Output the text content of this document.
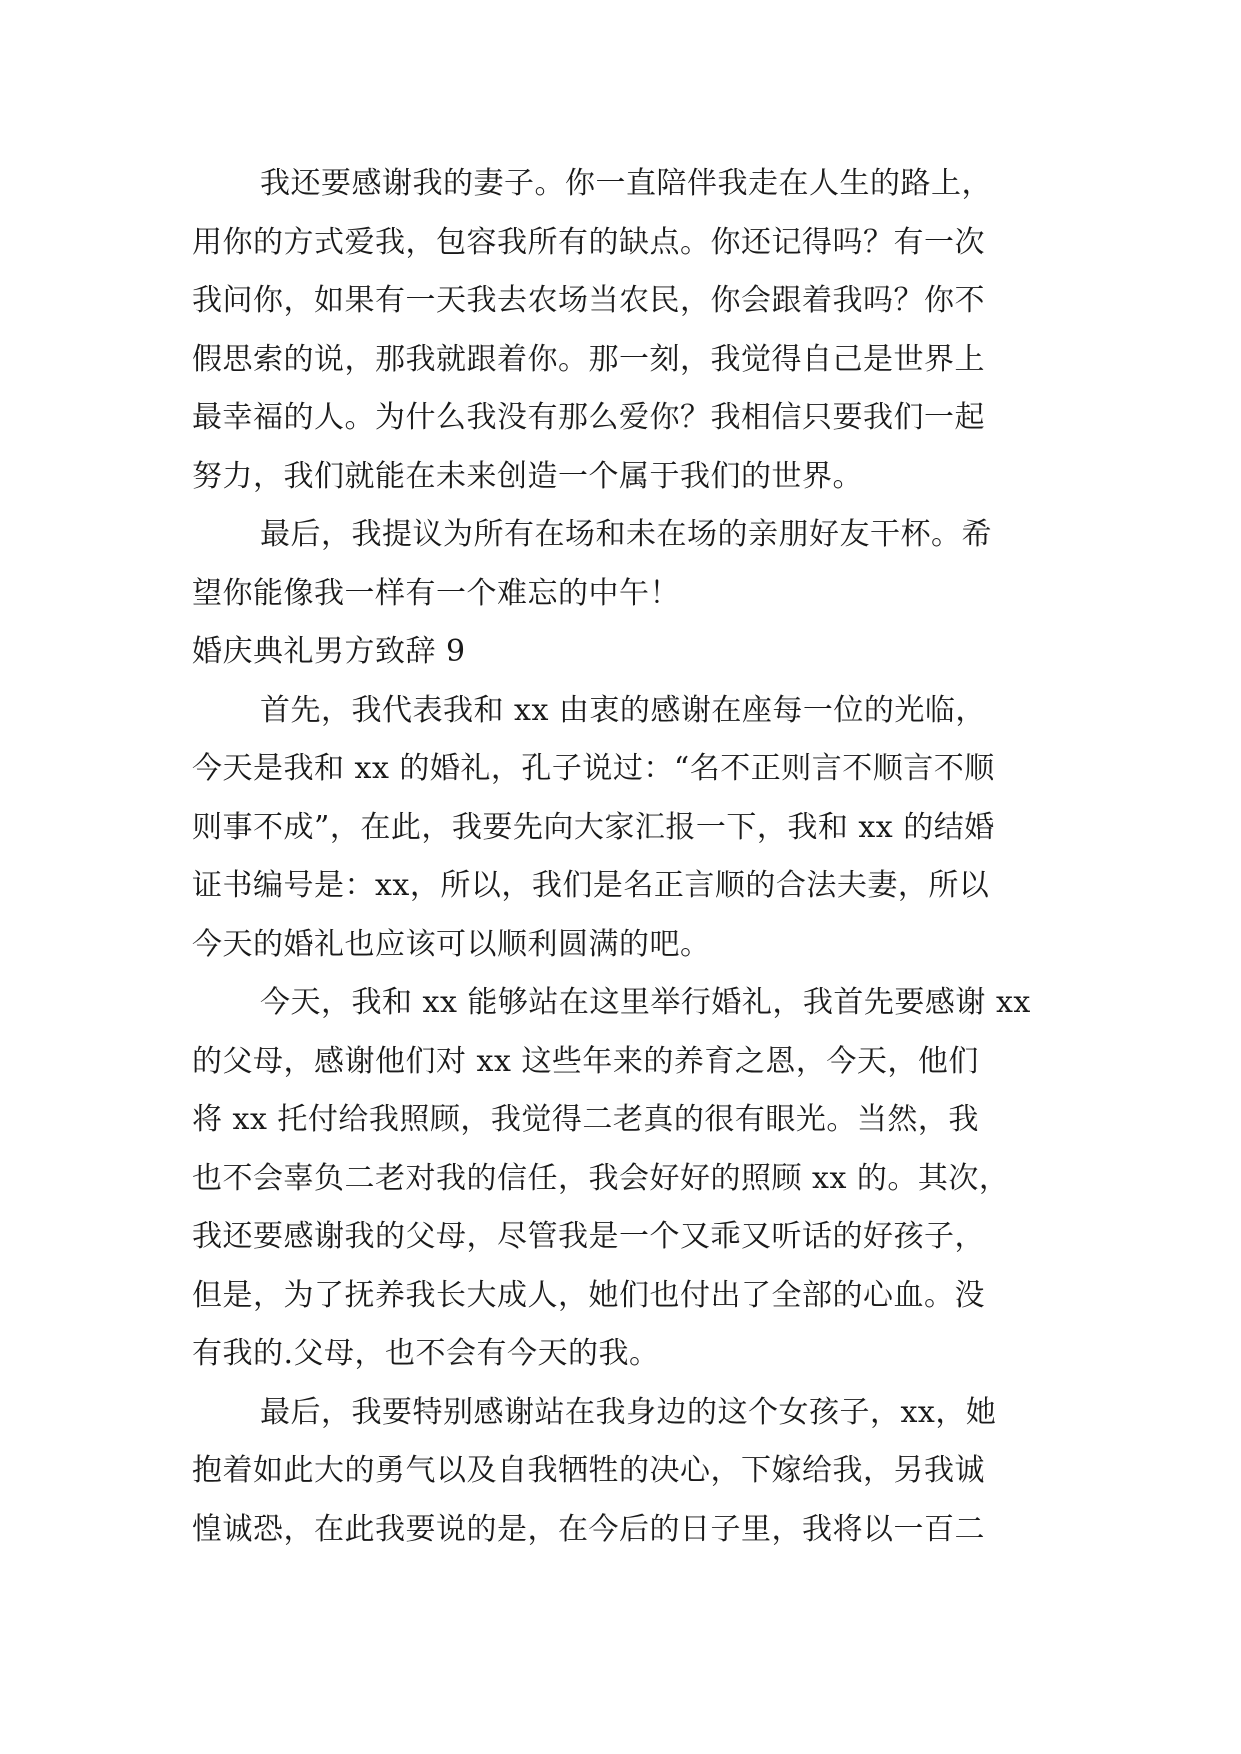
我还要感谢我的妻子。你一直陪伴我走在人生的路上，

用你的方式爱我，包容我所有的缺点。你还记得吗？有一次

我问你，如果有一天我去农场当农民，你会跟着我吗？你不

假思索的说，那我就跟着你。那一刻，我觉得自己是世界上

最幸福的人。为什么我没有那么爱你？我相信只要我们一起

努力，我们就能在未来创造一个属于我们的世界。

最后，我提议为所有在场和未在场的亲朋好友干杯。希

望你能像我一样有一个难忘的中午！

婚庆典礼男方致辞 9

首先，我代表我和 xx 由衷的感谢在座每一位的光临，

今天是我和 xx 的婚礼，孔子说过：“名不正则言不顺言不顺

则事不成”，在此，我要先向大家汇报一下，我和 xx 的结婚

证书编号是：xx，所以，我们是名正言顺的合法夫妻，所以

今天的婚礼也应该可以顺利圆满的吧。

今天，我和 xx 能够站在这里举行婚礼，我首先要感谢 xx

的父母，感谢他们对 xx 这些年来的养育之恩，今天，他们

将 xx 托付给我照顾，我觉得二老真的很有眼光。当然，我

也不会辜负二老对我的信任，我会好好的照顾 xx 的。其次，

我还要感谢我的父母，尽管我是一个又乖又听话的好孩子，

但是，为了抚养我长大成人，她们也付出了全部的心血。没

有我的.父母，也不会有今天的我。

最后，我要特别感谢站在我身边的这个女孩子，xx，她

抱着如此大的勇气以及自我牺牲的决心，下嫁给我，另我诚

惶诚恐，在此我要说的是，在今后的日子里，我将以一百二
